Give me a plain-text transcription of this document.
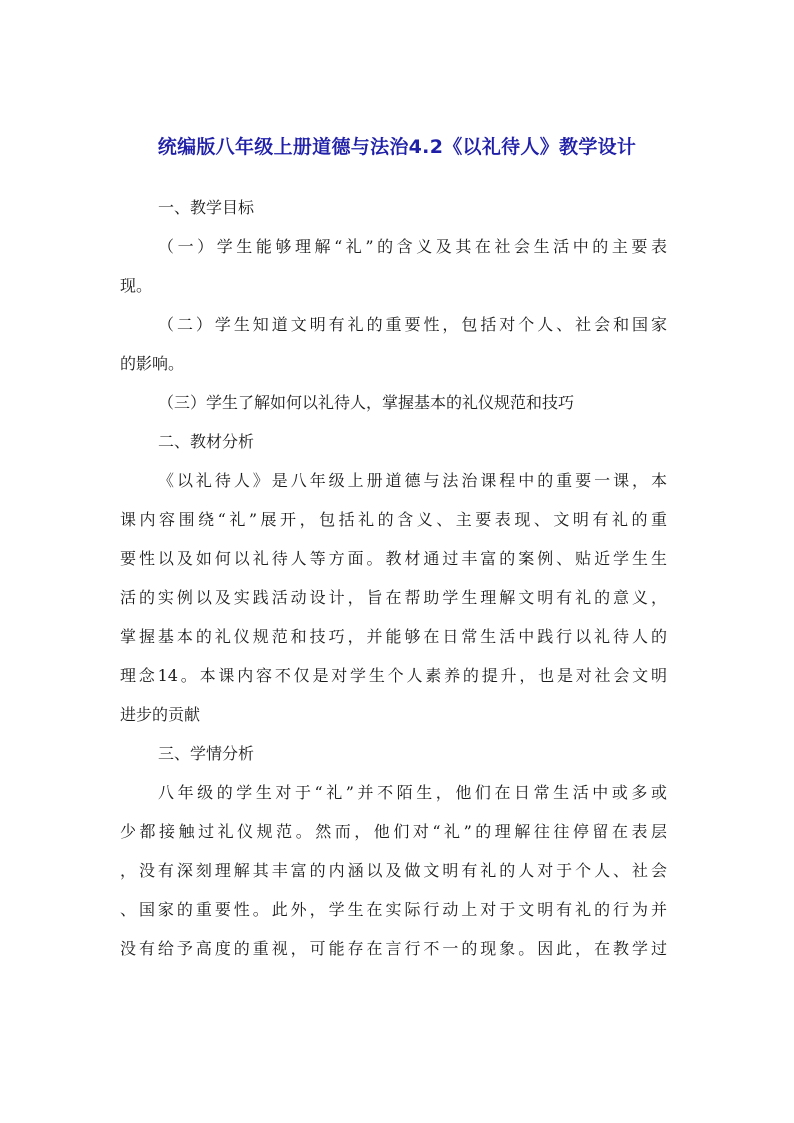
统编版八年级上册道德与法治4.2《以礼待人》教学设计
一、教学目标
（一）学生能够理解“礼”的含义及其在社会生活中的主要表
现。
（二）学生知道文明有礼的重要性，包括对个人、社会和国家
的影响。
（三）学生了解如何以礼待人，掌握基本的礼仪规范和技巧
二、教材分析
《以礼待人》是八年级上册道德与法治课程中的重要一课，本
课内容围绕“礼”展开，包括礼的含义、主要表现、文明有礼的重
要性以及如何以礼待人等方面。教材通过丰富的案例、贴近学生生
活的实例以及实践活动设计，旨在帮助学生理解文明有礼的意义，
掌握基本的礼仪规范和技巧，并能够在日常生活中践行以礼待人的
理念14。本课内容不仅是对学生个人素养的提升，也是对社会文明
进步的贡献
三、学情分析
八年级的学生对于“礼”并不陌生，他们在日常生活中或多或
少都接触过礼仪规范。然而，他们对“礼”的理解往往停留在表层
，没有深刻理解其丰富的内涵以及做文明有礼的人对于个人、社会
、国家的重要性。此外，学生在实际行动上对于文明有礼的行为并
没有给予高度的重视，可能存在言行不一的现象。因此，在教学过
